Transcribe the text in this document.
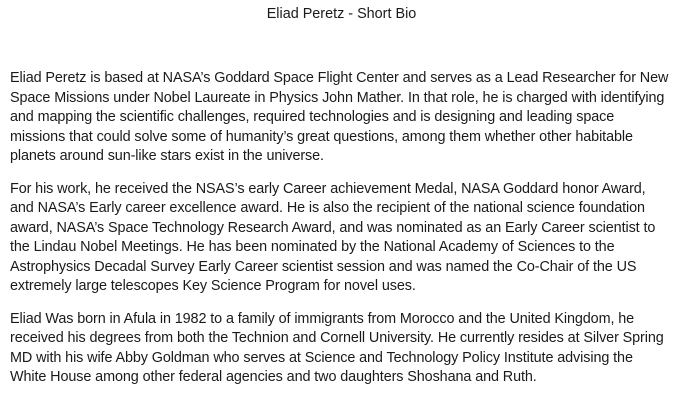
Eliad Peretz - Short Bio

Eliad Peretz is based at NASA’s Goddard Space Flight Center and serves as a Lead Researcher for New Space Missions under Nobel Laureate in Physics John Mather. In that role, he is charged with identifying and mapping the scientific challenges, required technologies and is designing and leading space missions that could solve some of humanity’s great questions, among them whether other habitable planets around sun-like stars exist in the universe.

For his work, he received the NSAS’s early Career achievement Medal, NASA Goddard honor Award, and NASA’s Early career excellence award. He is also the recipient of the national science foundation award, NASA’s Space Technology Research Award, and was nominated as an Early Career scientist to the Lindau Nobel Meetings. He has been nominated by the National Academy of Sciences to the Astrophysics Decadal Survey Early Career scientist session and was named the Co-Chair of the US extremely large telescopes Key Science Program for novel uses.

Eliad Was born in Afula in 1982 to a family of immigrants from Morocco and the United Kingdom, he received his degrees from both the Technion and Cornell University. He currently resides at Silver Spring MD with his wife Abby Goldman who serves at Science and Technology Policy Institute advising the White House among other federal agencies and two daughters Shoshana and Ruth.
